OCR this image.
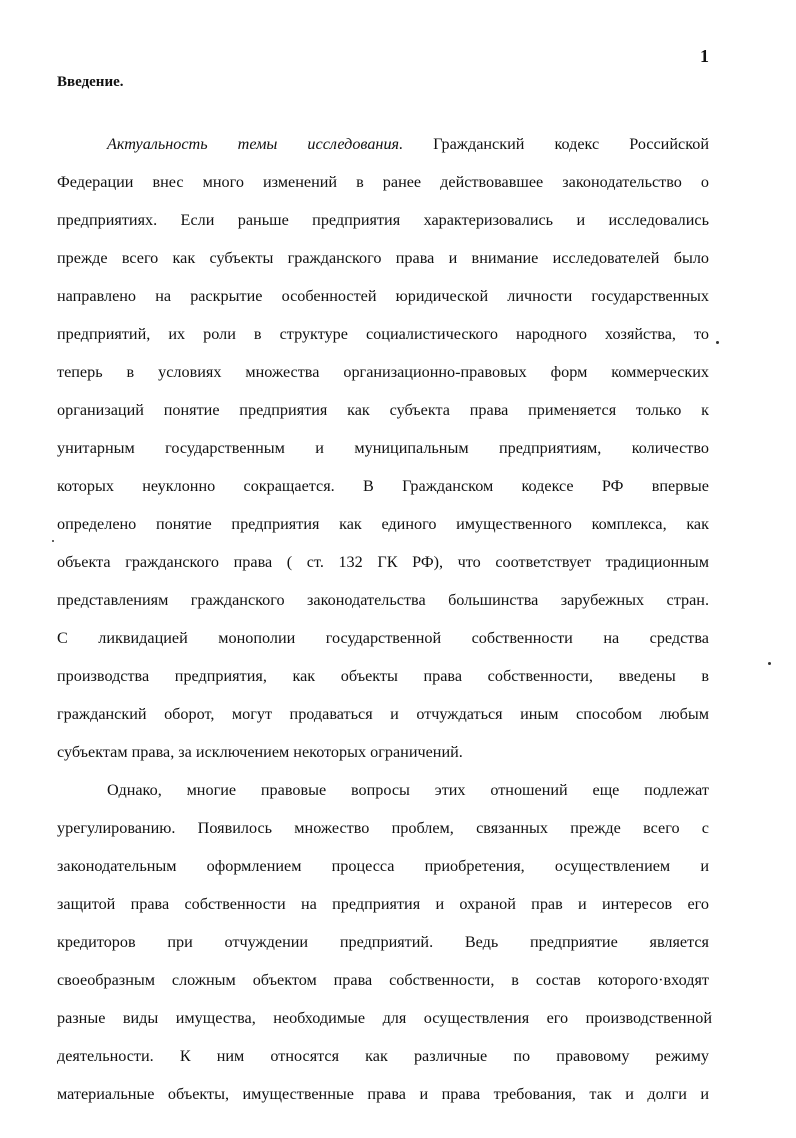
1
Введение.
Актуальность темы исследования. Гражданский кодекс Российской
Федерации внес много изменений в ранее действовавшее законодательство о
предприятиях. Если раньше предприятия характеризовались и исследовались
прежде всего как субъекты гражданского права и внимание исследователей было
направлено на раскрытие особенностей юридической личности государственных
предприятий, их роли в структуре социалистического народного хозяйства, то
теперь в условиях множества организационно-правовых форм коммерческих
организаций понятие предприятия как субъекта права применяется только к
унитарным государственным и муниципальным предприятиям, количество
которых неуклонно сокращается. В Гражданском кодексе РФ впервые
определено понятие предприятия как единого имущественного комплекса, как
объекта гражданского права ( ст. 132 ГК РФ), что соответствует традиционным
представлениям гражданского законодательства большинства зарубежных стран.
С ликвидацией монополии государственной собственности на средства
производства предприятия, как объекты права собственности, введены в
гражданский оборот, могут продаваться и отчуждаться иным способом любым
субъектам права, за исключением некоторых ограничений.
Однако, многие правовые вопросы этих отношений еще подлежат
урегулированию. Появилось множество проблем, связанных прежде всего с
законодательным оформлением процесса приобретения, осуществлением и
защитой права собственности на предприятия и охраной прав и интересов его
кредиторов при отчуждении предприятий. Ведь предприятие является
своеобразным сложным объектом права собственности, в состав которого·входят
разные виды имущества, необходимые для осуществления его производственной
деятельности. К ним относятся как различные по правовому режиму
материальные объекты, имущественные права и права требования, так и долги и
